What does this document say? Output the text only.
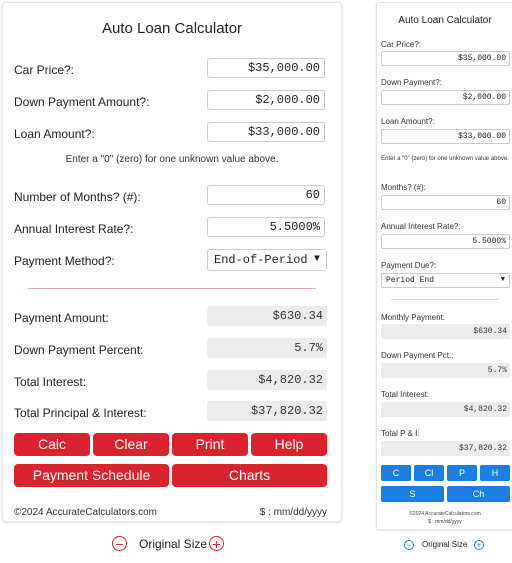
Auto Loan Calculator
Car Price?:	$35,000.00
Down Payment Amount?:	$2,000.00
Loan Amount?:	$33,000.00
Enter a "0" (zero) for one unknown value above.
Number of Months? (#):	60
Annual Interest Rate?:	5.5000%
Payment Method?:	End-of-Period ▼
Payment Amount:	$630.34
Down Payment Percent:	5.7%
Total Interest:	$4,820.32
Total Principal & Interest:	$37,820.32
Calc	Clear	Print	Help
Payment Schedule	Charts
©2024 AccurateCalculators.com	$ : mm/dd/yyyy
− Original Size +
Auto Loan Calculator
Car Price?:
$35,000.00
Down Payment?:
$2,000.00
Loan Amount?:
$33,000.00
Enter a "0" (zero) for one unknown value above.
Months? (#):
60
Annual Interest Rate?:
5.5000%
Payment Due?:
Period End	▼
Monthly Payment:
$630.34
Down Payment Pct.:
5.7%
Total Interest:
$4,820.32
Total P & I:
$37,820.32
C	Cl	P	H
S	Ch
©2024 AccurateCalculators.com
$ : mm/dd/yyyy
− Original Size +
